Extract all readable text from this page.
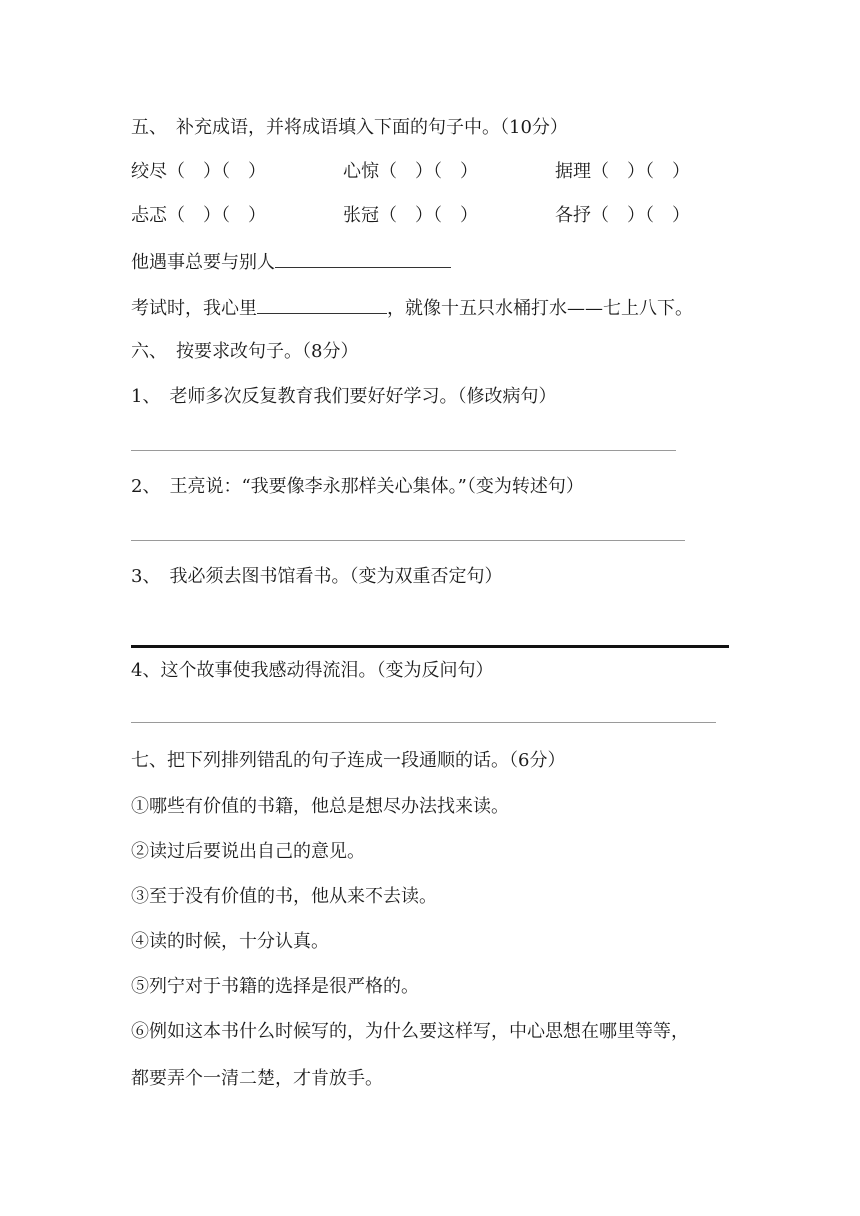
五、　补充成语，并将成语填入下面的句子中。（10分）
绞尽（　）（　）	心惊（　）（　）	据理（　）（　）
忐忑（　）（　）	张冠（　）（　）	各抒（　）（　）
他遇事总要与别人
考试时，我心里	，就像十五只水桶打水——七上八下。
六、　按要求改句子。（8分）
1、　老师多次反复教育我们要好好学习。（修改病句）
2、　王亮说：“我要像李永那样关心集体。”（变为转述句）
3、　我必须去图书馆看书。（变为双重否定句）
4、这个故事使我感动得流泪。（变为反问句）
七、把下列排列错乱的句子连成一段通顺的话。（6分）
①哪些有价值的书籍，他总是想尽办法找来读。
②读过后要说出自己的意见。
③至于没有价值的书，他从来不去读。
④读的时候，十分认真。
⑤列宁对于书籍的选择是很严格的。
⑥例如这本书什么时候写的，为什么要这样写，中心思想在哪里等等，
都要弄个一清二楚，才肯放手。
